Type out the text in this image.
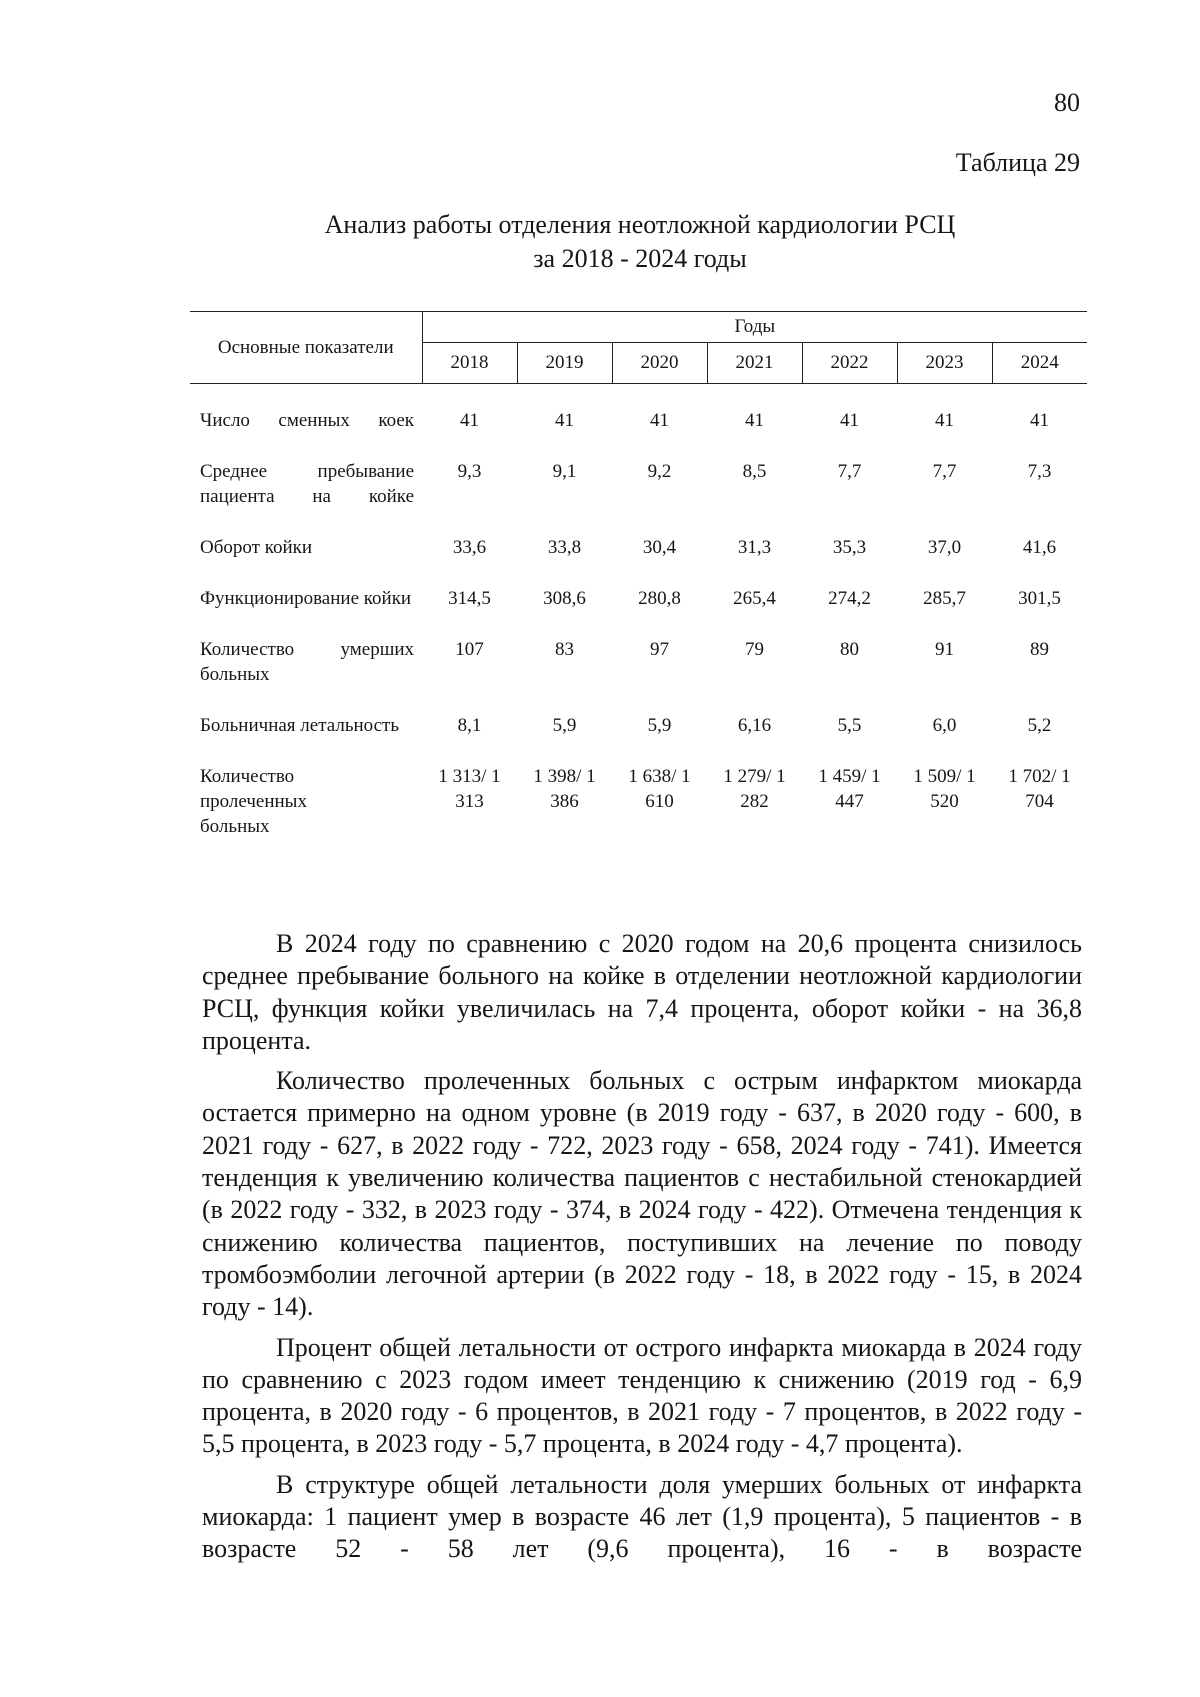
80
Таблица 29
Анализ работы отделения неотложной кардиологии РСЦ
за 2018 - 2024 годы
Основные показатели	Годы						
	2018	2019	2020	2021	2022	2023	2024

Число сменных коек	41	41	41	41	41	41	41
Среднее пребывание пациента на койке	9,3	9,1	9,2	8,5	7,7	7,7	7,3
Оборот койки	33,6	33,8	30,4	31,3	35,3	37,0	41,6
Функционирование койки	314,5	308,6	280,8	265,4	274,2	285,7	301,5
Количество умерших больных	107	83	97	79	80	91	89
Больничная летальность	8,1	5,9	5,9	6,16	5,5	6,0	5,2
Количество пролеченных больных	1 313/ 1 313	1 398/ 1 386	1 638/ 1 610	1 279/ 1 282	1 459/ 1 447	1 509/ 1 520	1 702/ 1 704

В 2024 году по сравнению с 2020 годом на 20,6 процента снизилось среднее пребывание больного на койке в отделении неотложной кардиологии РСЦ, функция койки увеличилась на 7,4 процента, оборот койки - на 36,8 процента.

Количество пролеченных больных с острым инфарктом миокарда остается примерно на одном уровне (в 2019 году - 637, в 2020 году - 600, в 2021 году - 627, в 2022 году - 722, 2023 году - 658, 2024 году - 741). Имеется тенденция к увеличению количества пациентов с нестабильной стенокардией (в 2022 году - 332, в 2023 году - 374, в 2024 году - 422). Отмечена тенденция к снижению количества пациентов, поступивших на лечение по поводу тромбоэмболии легочной артерии (в 2022 году - 18, в 2022 году - 15, в 2024 году - 14).

Процент общей летальности от острого инфаркта миокарда в 2024 году по сравнению с 2023 годом имеет тенденцию к снижению (2019 год - 6,9 процента, в 2020 году - 6 процентов, в 2021 году - 7 процентов, в 2022 году - 5,5 процента, в 2023 году - 5,7 процента, в 2024 году - 4,7 процента).

В структуре общей летальности доля умерших больных от инфаркта миокарда: 1 пациент умер в возрасте 46 лет (1,9 процента), 5 пациентов - в возрасте 52 - 58 лет (9,6 процента), 16 - в возрасте
